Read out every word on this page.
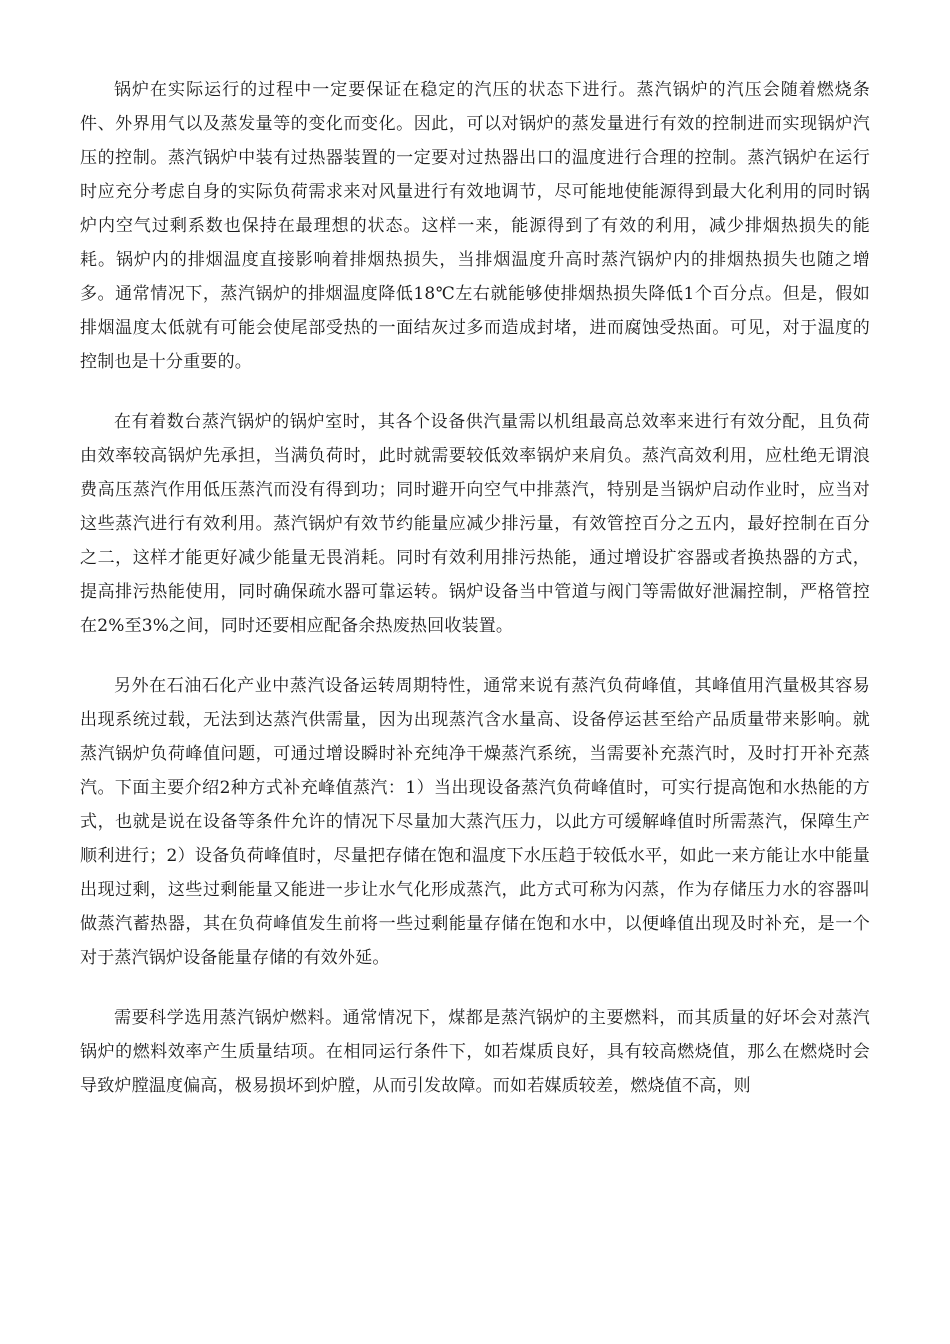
锅炉在实际运行的过程中一定要保证在稳定的汽压的状态下进行。蒸汽锅炉的汽压会随着燃烧条件、外界用气以及蒸发量等的变化而变化。因此，可以对锅炉的蒸发量进行有效的控制进而实现锅炉汽压的控制。蒸汽锅炉中装有过热器装置的一定要对过热器出口的温度进行合理的控制。蒸汽锅炉在运行时应充分考虑自身的实际负荷需求来对风量进行有效地调节，尽可能地使能源得到最大化利用的同时锅炉内空气过剩系数也保持在最理想的状态。这样一来，能源得到了有效的利用，减少排烟热损失的能耗。锅炉内的排烟温度直接影响着排烟热损失，当排烟温度升高时蒸汽锅炉内的排烟热损失也随之增多。通常情况下，蒸汽锅炉的排烟温度降低18℃左右就能够使排烟热损失降低1个百分点。但是，假如排烟温度太低就有可能会使尾部受热的一面结灰过多而造成封堵，进而腐蚀受热面。可见，对于温度的控制也是十分重要的。

在有着数台蒸汽锅炉的锅炉室时，其各个设备供汽量需以机组最高总效率来进行有效分配，且负荷由效率较高锅炉先承担，当满负荷时，此时就需要较低效率锅炉来肩负。蒸汽高效利用，应杜绝无谓浪费高压蒸汽作用低压蒸汽而没有得到功；同时避开向空气中排蒸汽，特别是当锅炉启动作业时，应当对这些蒸汽进行有效利用。蒸汽锅炉有效节约能量应减少排污量，有效管控百分之五内，最好控制在百分之二，这样才能更好减少能量无畏消耗。同时有效利用排污热能，通过增设扩容器或者换热器的方式，提高排污热能使用，同时确保疏水器可靠运转。锅炉设备当中管道与阀门等需做好泄漏控制，严格管控在2%至3%之间，同时还要相应配备余热废热回收装置。

另外在石油石化产业中蒸汽设备运转周期特性，通常来说有蒸汽负荷峰值，其峰值用汽量极其容易出现系统过载，无法到达蒸汽供需量，因为出现蒸汽含水量高、设备停运甚至给产品质量带来影响。就蒸汽锅炉负荷峰值问题，可通过增设瞬时补充纯净干燥蒸汽系统，当需要补充蒸汽时，及时打开补充蒸汽。下面主要介绍2种方式补充峰值蒸汽：1）当出现设备蒸汽负荷峰值时，可实行提高饱和水热能的方式，也就是说在设备等条件允许的情况下尽量加大蒸汽压力，以此方可缓解峰值时所需蒸汽，保障生产顺利进行；2）设备负荷峰值时，尽量把存储在饱和温度下水压趋于较低水平，如此一来方能让水中能量出现过剩，这些过剩能量又能进一步让水气化形成蒸汽，此方式可称为闪蒸，作为存储压力水的容器叫做蒸汽蓄热器，其在负荷峰值发生前将一些过剩能量存储在饱和水中，以便峰值出现及时补充，是一个对于蒸汽锅炉设备能量存储的有效外延。

需要科学选用蒸汽锅炉燃料。通常情况下，煤都是蒸汽锅炉的主要燃料，而其质量的好坏会对蒸汽锅炉的燃料效率产生质量结项。在相同运行条件下，如若煤质良好，具有较高燃烧值，那么在燃烧时会导致炉膛温度偏高，极易损坏到炉膛，从而引发故障。而如若媒质较差，燃烧值不高，则
